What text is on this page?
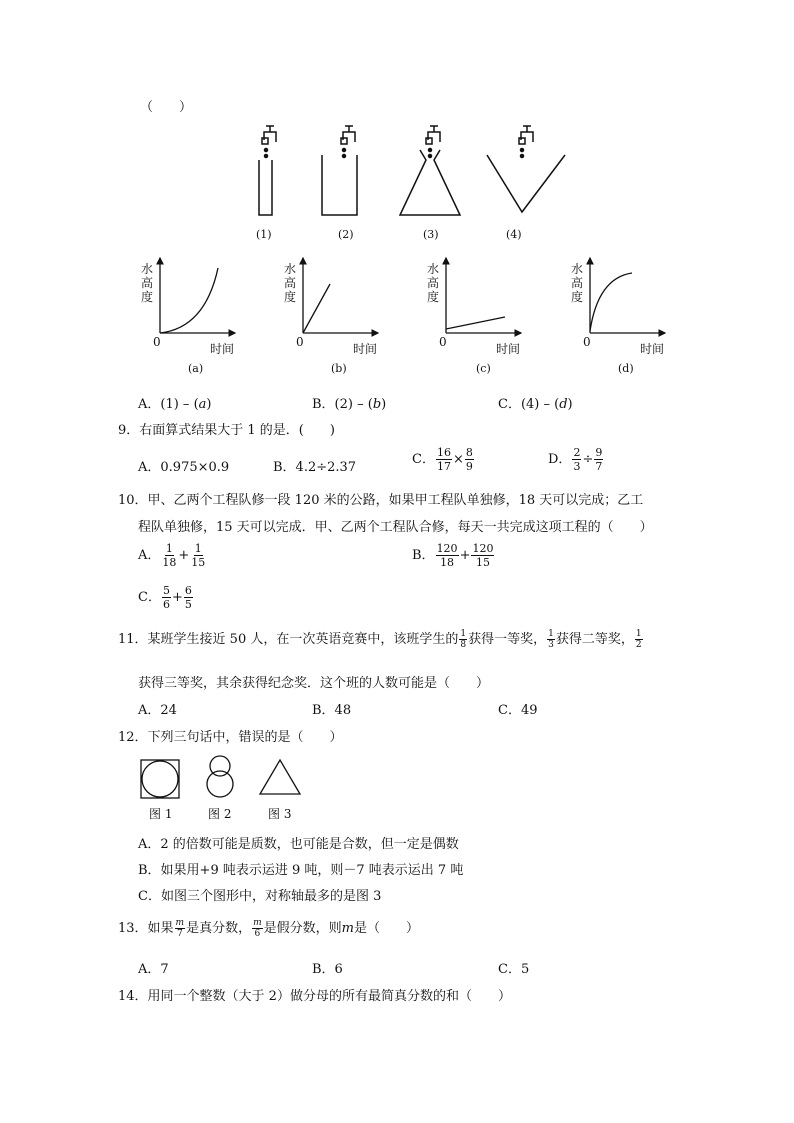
（　　）
(1)	(2)	(3)	(4)
水
高
度
0	时间
(a)
水
高
度
0	时间
(b)
水
高
度
0	时间
(c)
水
高
度
0	时间
(d)
A．(1) – (a)	B．(2) – (b)	C．(4) – (d)
9．右面算式结果大于 1 的是．(　　)
A．0.975×0.9	B．4.2÷2.37
C． $\frac{16}{17} \times \frac{8}{9}$	D． $\frac{2}{3} \div \frac{9}{7}$
10．甲、乙两个工程队修一段 120 米的公路，如果甲工程队单独修，18 天可以完成；乙工
程队单独修，15 天可以完成．甲、乙两个工程队合修，每天一共完成这项工程的（　　）
A． $\frac{1}{18} + \frac{1}{15}$	B． $\frac{120}{18} + \frac{120}{15}$
C． $\frac{5}{6} + \frac{6}{5}$
11．某班学生接近 50 人，在一次英语竞赛中，该班学生的 $\frac{1}{8}$ 获得一等奖， $\frac{1}{3}$ 获得二等奖， $\frac{1}{2}$
获得三等奖，其余获得纪念奖．这个班的人数可能是（　　）
A．24	B．48	C．49
12．下列三句话中，错误的是（　　）
图 1	图 2	图 3
A．2 的倍数可能是质数，也可能是合数，但一定是偶数
B．如果用+9 吨表示运进 9 吨，则－7 吨表示运出 7 吨
C．如图三个图形中，对称轴最多的是图 3
13．如果 $\frac{m}{7}$ 是真分数， $\frac{m}{6}$ 是假分数，则m是（　　）
A．7	B．6	C．5
14．用同一个整数（大于 2）做分母的所有最简真分数的和（　　）
